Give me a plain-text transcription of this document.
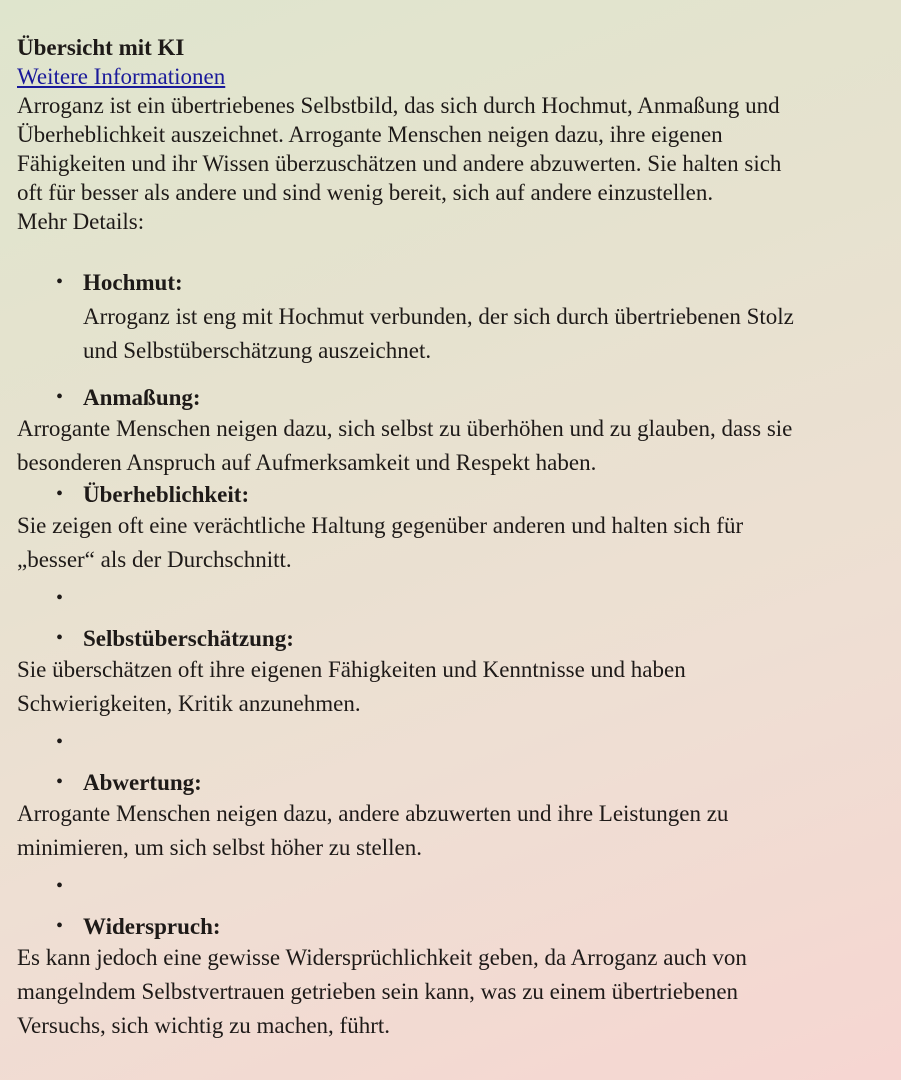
Übersicht mit KI
Weitere Informationen
Arroganz ist ein übertriebenes Selbstbild, das sich durch Hochmut, Anmaßung und
Überheblichkeit auszeichnet. Arrogante Menschen neigen dazu, ihre eigenen
Fähigkeiten und ihr Wissen überzuschätzen und andere abzuwerten. Sie halten sich
oft für besser als andere und sind wenig bereit, sich auf andere einzustellen.
Mehr Details:
• Hochmut:
Arroganz ist eng mit Hochmut verbunden, der sich durch übertriebenen Stolz
und Selbstüberschätzung auszeichnet.
• Anmaßung:
Arrogante Menschen neigen dazu, sich selbst zu überhöhen und zu glauben, dass sie
besonderen Anspruch auf Aufmerksamkeit und Respekt haben.
• Überheblichkeit:
Sie zeigen oft eine verächtliche Haltung gegenüber anderen und halten sich für
„besser“ als der Durchschnitt.
•
• Selbstüberschätzung:
Sie überschätzen oft ihre eigenen Fähigkeiten und Kenntnisse und haben
Schwierigkeiten, Kritik anzunehmen.
•
• Abwertung:
Arrogante Menschen neigen dazu, andere abzuwerten und ihre Leistungen zu
minimieren, um sich selbst höher zu stellen.
•
• Widerspruch:
Es kann jedoch eine gewisse Widersprüchlichkeit geben, da Arroganz auch von
mangelndem Selbstvertrauen getrieben sein kann, was zu einem übertriebenen
Versuchs, sich wichtig zu machen, führt.
